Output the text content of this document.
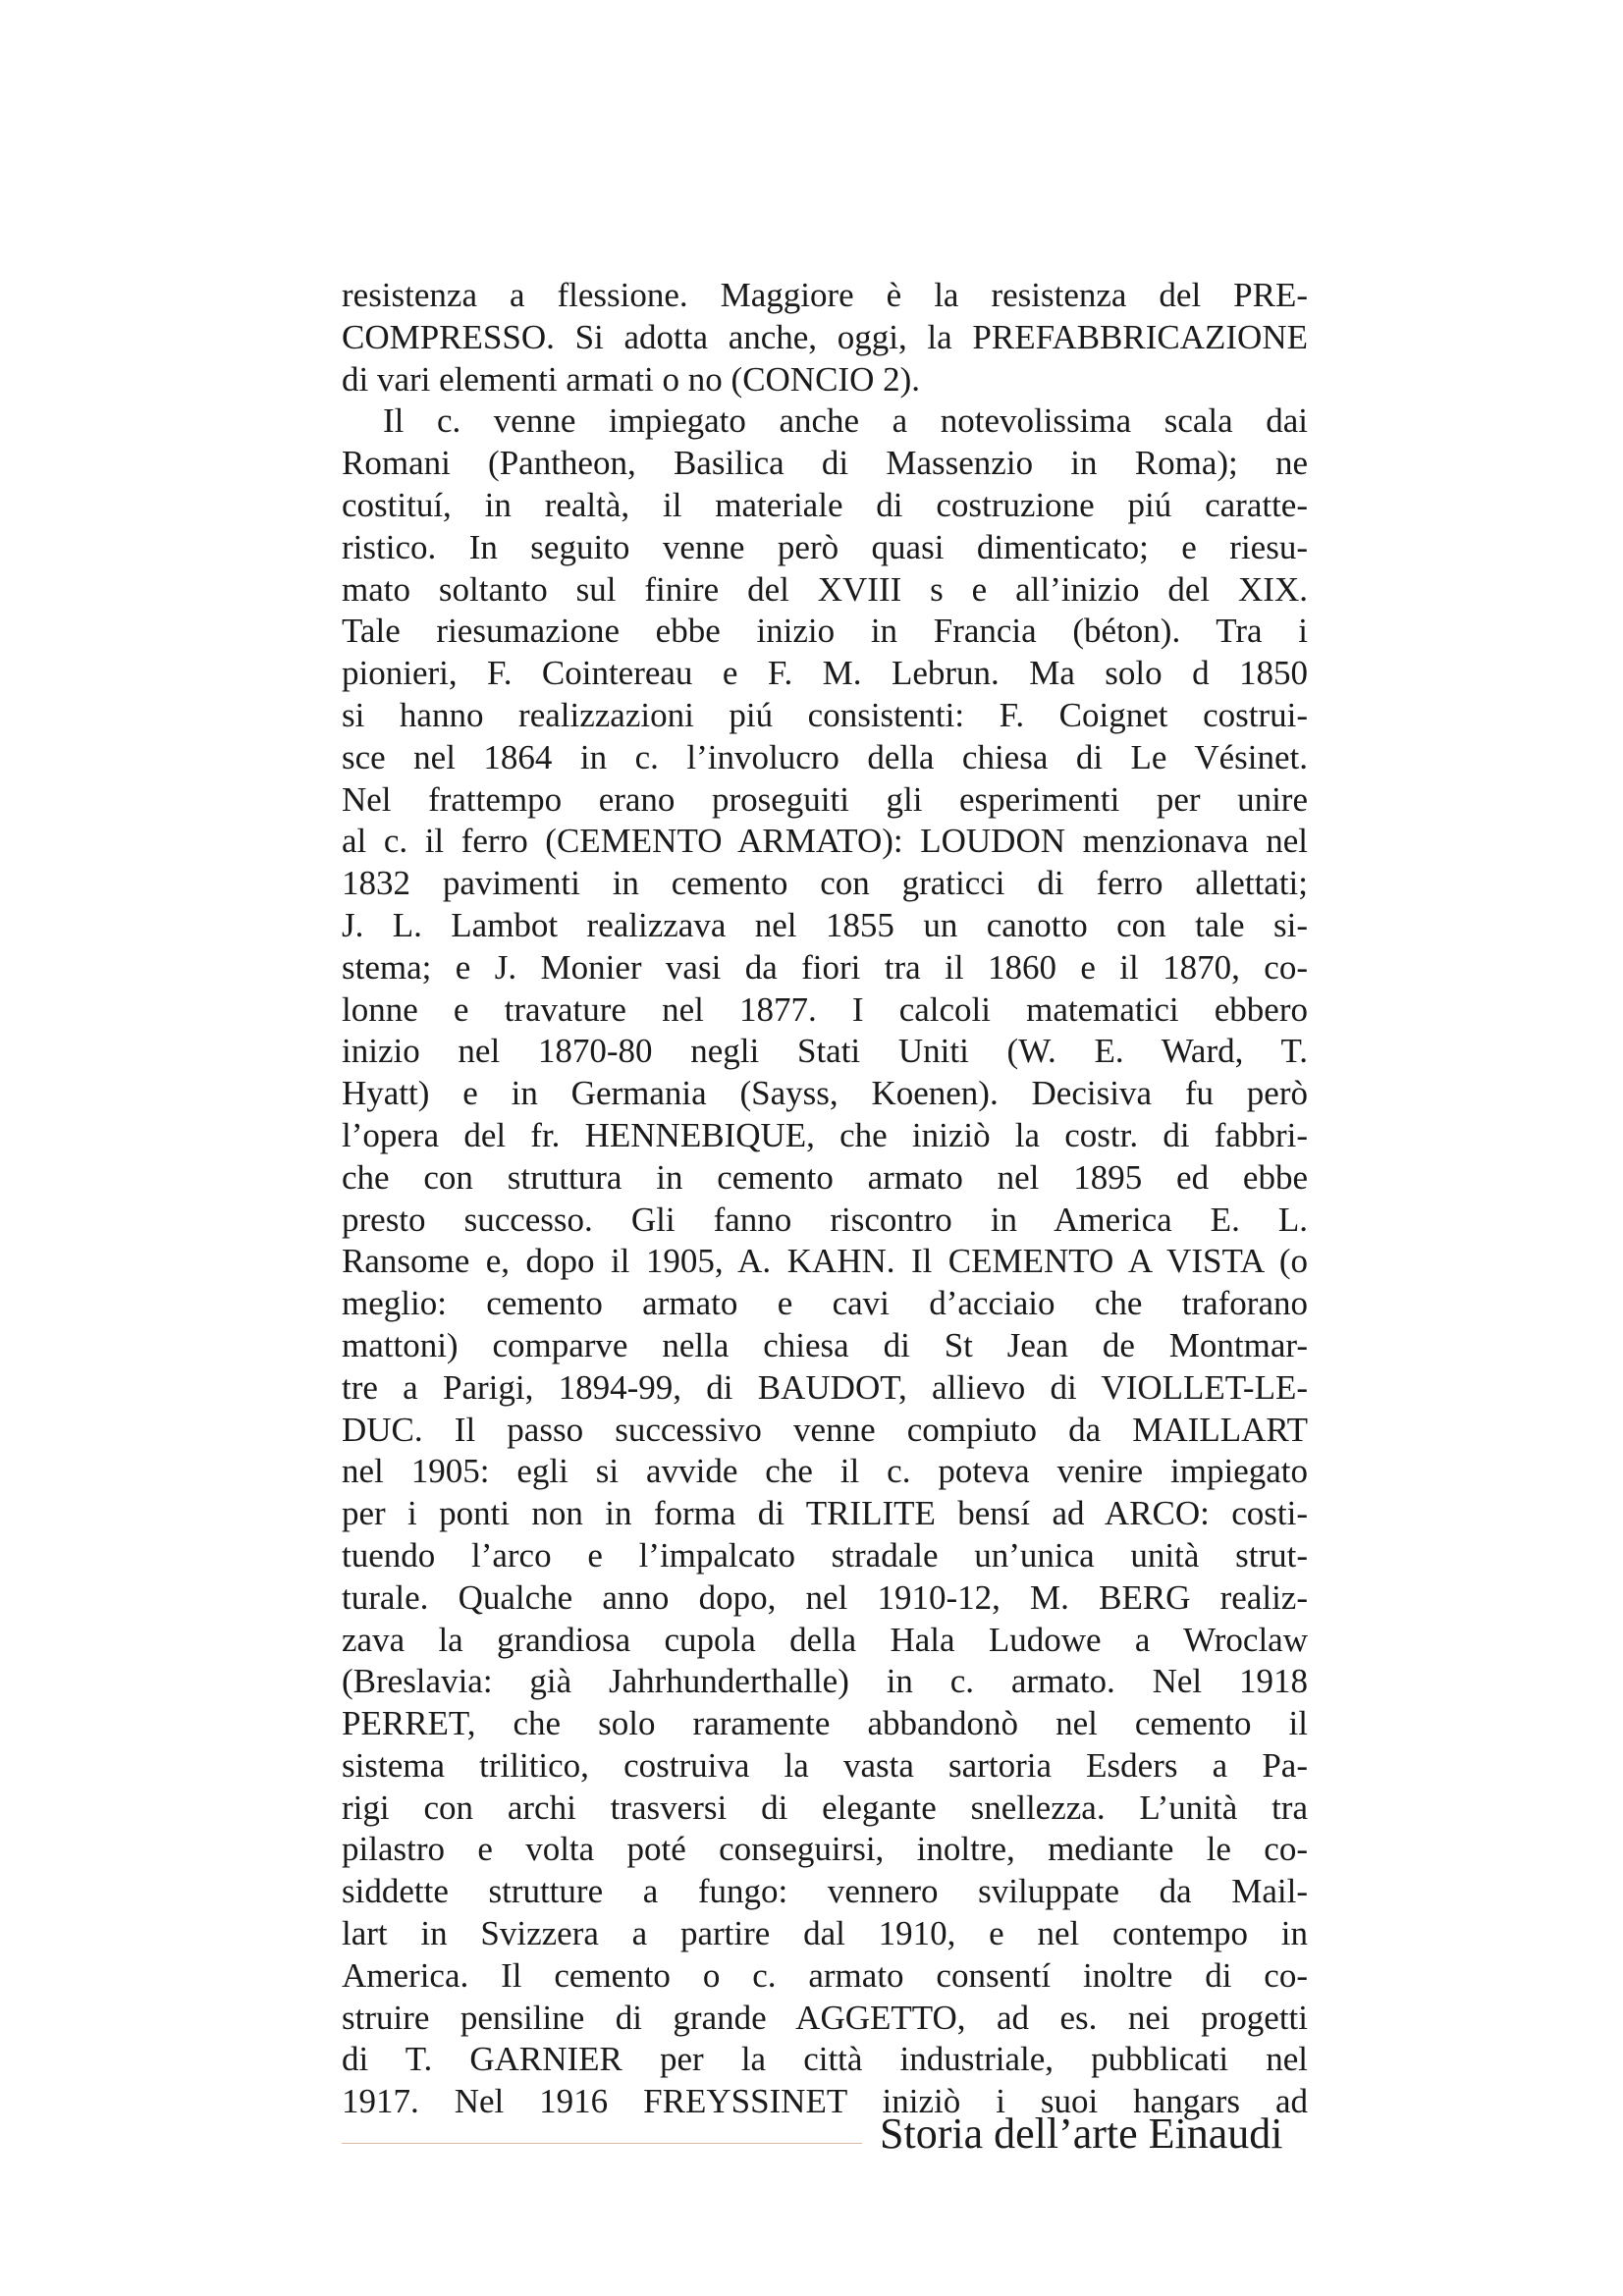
resistenza a flessione. Maggiore è la resistenza del PRE-
COMPRESSO. Si adotta anche, oggi, la PREFABBRICAZIONE
di vari elementi armati o no (CONCIO 2).
Il c. venne impiegato anche a notevolissima scala dai
Romani (Pantheon, Basilica di Massenzio in Roma); ne
costituí, in realtà, il materiale di costruzione piú caratte-
ristico. In seguito venne però quasi dimenticato; e riesu-
mato soltanto sul finire del XVIII s e all’inizio del XIX.
Tale riesumazione ebbe inizio in Francia (béton). Tra i
pionieri, F. Cointereau e F. M. Lebrun. Ma solo d 1850
si hanno realizzazioni piú consistenti: F. Coignet costrui-
sce nel 1864 in c. l’involucro della chiesa di Le Vésinet.
Nel frattempo erano proseguiti gli esperimenti per unire
al c. il ferro (CEMENTO ARMATO): LOUDON menzionava nel
1832 pavimenti in cemento con graticci di ferro allettati;
J. L. Lambot realizzava nel 1855 un canotto con tale si-
stema; e J. Monier vasi da fiori tra il 1860 e il 1870, co-
lonne e travature nel 1877. I calcoli matematici ebbero
inizio nel 1870-80 negli Stati Uniti (W. E. Ward, T.
Hyatt) e in Germania (Sayss, Koenen). Decisiva fu però
l’opera del fr. HENNEBIQUE, che iniziò la costr. di fabbri-
che con struttura in cemento armato nel 1895 ed ebbe
presto successo. Gli fanno riscontro in America E. L.
Ransome e, dopo il 1905, A. KAHN. Il CEMENTO A VISTA (o
meglio: cemento armato e cavi d’acciaio che traforano
mattoni) comparve nella chiesa di St Jean de Montmar-
tre a Parigi, 1894-99, di BAUDOT, allievo di VIOLLET-LE-
DUC. Il passo successivo venne compiuto da MAILLART
nel 1905: egli si avvide che il c. poteva venire impiegato
per i ponti non in forma di TRILITE bensí ad ARCO: costi-
tuendo l’arco e l’impalcato stradale un’unica unità strut-
turale. Qualche anno dopo, nel 1910-12, M. BERG realiz-
zava la grandiosa cupola della Hala Ludowe a Wroclaw
(Breslavia: già Jahrhunderthalle) in c. armato. Nel 1918
PERRET, che solo raramente abbandonò nel cemento il
sistema trilitico, costruiva la vasta sartoria Esders a Pa-
rigi con archi trasversi di elegante snellezza. L’unità tra
pilastro e volta poté conseguirsi, inoltre, mediante le co-
siddette strutture a fungo: vennero sviluppate da Mail-
lart in Svizzera a partire dal 1910, e nel contempo in
America. Il cemento o c. armato consentí inoltre di co-
struire pensiline di grande AGGETTO, ad es. nei progetti
di T. GARNIER per la città industriale, pubblicati nel
1917. Nel 1916 FREYSSINET iniziò i suoi hangars ad
Storia dell’arte Einaudi
